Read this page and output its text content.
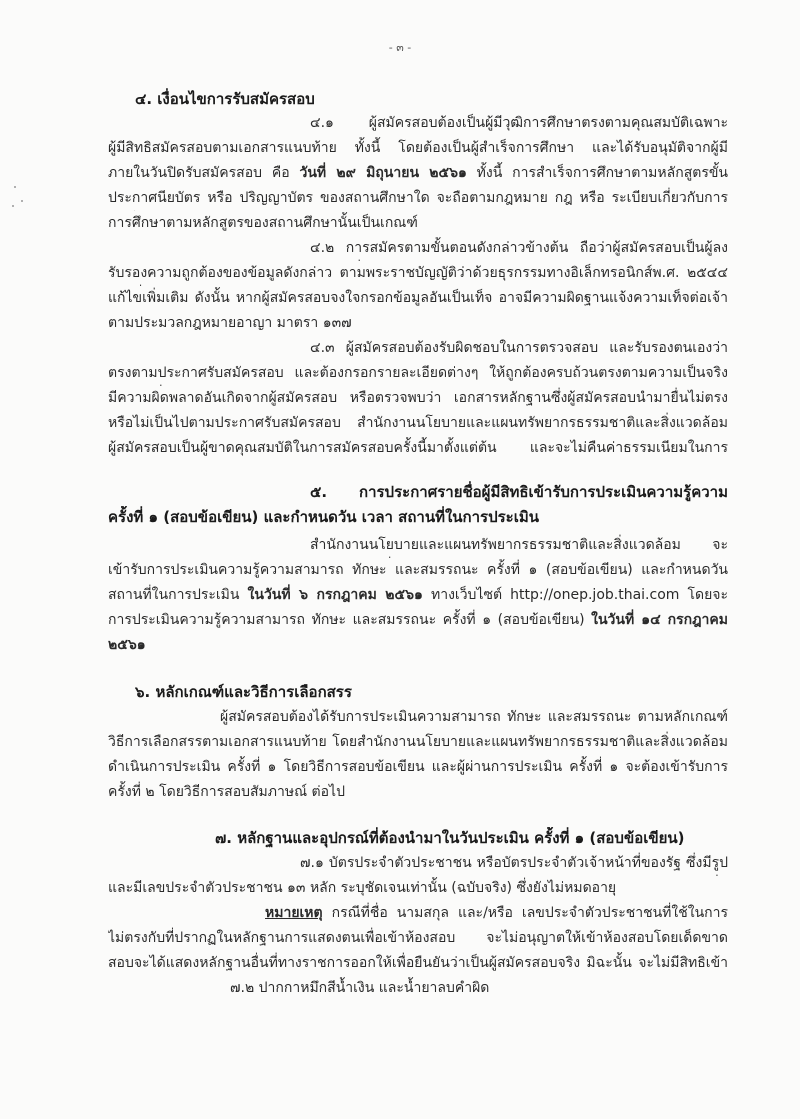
- ๓ -
๔. เงื่อนไขการรับสมัครสอบ
๔.๑ ผู้สมัครสอบต้องเป็นผู้มีวุฒิการศึกษาตรงตามคุณสมบัติเฉพาะ
ผู้มีสิทธิสมัครสอบตามเอกสารแนบท้าย ทั้งนี้ โดยต้องเป็นผู้สำเร็จการศึกษา และได้รับอนุมัติจากผู้มี
ภายในวันปิดรับสมัครสอบ คือ วันที่ ๒๙ มิถุนายน ๒๕๖๑ ทั้งนี้ การสำเร็จการศึกษาตามหลักสูตรขั้น
ประกาศนียบัตร หรือ ปริญญาบัตร ของสถานศึกษาใด จะถือตามกฎหมาย กฎ หรือ ระเบียบเกี่ยวกับการ
การศึกษาตามหลักสูตรของสถานศึกษานั้นเป็นเกณฑ์
๔.๒ การสมัครตามขั้นตอนดังกล่าวข้างต้น ถือว่าผู้สมัครสอบเป็นผู้ลง
รับรองความถูกต้องของข้อมูลดังกล่าว ตามพระราชบัญญัติว่าด้วยธุรกรรมทางอิเล็กทรอนิกส์พ.ศ. ๒๕๔๔
แก้ไขเพิ่มเติม ดังนั้น หากผู้สมัครสอบจงใจกรอกข้อมูลอันเป็นเท็จ อาจมีความผิดฐานแจ้งความเท็จต่อเจ้า
ตามประมวลกฎหมายอาญา มาตรา ๑๓๗
๔.๓ ผู้สมัครสอบต้องรับผิดชอบในการตรวจสอบ และรับรองตนเองว่า
ตรงตามประกาศรับสมัครสอบ และต้องกรอกรายละเอียดต่างๆ ให้ถูกต้องครบถ้วนตรงตามความเป็นจริง
มีความผิดพลาดอันเกิดจากผู้สมัครสอบ หรือตรวจพบว่า เอกสารหลักฐานซึ่งผู้สมัครสอบนำมายื่นไม่ตรง
หรือไม่เป็นไปตามประกาศรับสมัครสอบ สำนักงานนโยบายและแผนทรัพยากรธรรมชาติและสิ่งแวดล้อม
ผู้สมัครสอบเป็นผู้ขาดคุณสมบัติในการสมัครสอบครั้งนี้มาตั้งแต่ต้น และจะไม่คืนค่าธรรมเนียมในการ
๕. การประกาศรายชื่อผู้มีสิทธิเข้ารับการประเมินความรู้ความ
ครั้งที่ ๑ (สอบข้อเขียน) และกำหนดวัน เวลา สถานที่ในการประเมิน
สำนักงานนโยบายและแผนทรัพยากรธรรมชาติและสิ่งแวดล้อม จะ
เข้ารับการประเมินความรู้ความสามารถ ทักษะ และสมรรถนะ ครั้งที่ ๑ (สอบข้อเขียน) และกำหนดวัน
สถานที่ในการประเมิน ในวันที่ ๖ กรกฎาคม ๒๕๖๑ ทางเว็บไซต์ http://onep.job.thai.com โดยจะ
การประเมินความรู้ความสามารถ ทักษะ และสมรรถนะ ครั้งที่ ๑ (สอบข้อเขียน) ในวันที่ ๑๔ กรกฎาคม
๒๕๖๑
๖. หลักเกณฑ์และวิธีการเลือกสรร
ผู้สมัครสอบต้องได้รับการประเมินความสามารถ ทักษะ และสมรรถนะ ตามหลักเกณฑ์
วิธีการเลือกสรรตามเอกสารแนบท้าย โดยสำนักงานนโยบายและแผนทรัพยากรธรรมชาติและสิ่งแวดล้อม
ดำเนินการประเมิน ครั้งที่ ๑ โดยวิธีการสอบข้อเขียน และผู้ผ่านการประเมิน ครั้งที่ ๑ จะต้องเข้ารับการ
ครั้งที่ ๒ โดยวิธีการสอบสัมภาษณ์ ต่อไป
๗. หลักฐานและอุปกรณ์ที่ต้องนำมาในวันประเมิน ครั้งที่ ๑ (สอบข้อเขียน)
๗.๑ บัตรประจำตัวประชาชน หรือบัตรประจำตัวเจ้าหน้าที่ของรัฐ ซึ่งมีรูป
และมีเลขประจำตัวประชาชน ๑๓ หลัก ระบุชัดเจนเท่านั้น (ฉบับจริง) ซึ่งยังไม่หมดอายุ
หมายเหตุ กรณีที่ชื่อ นามสกุล และ/หรือ เลขประจำตัวประชาชนที่ใช้ในการ
ไม่ตรงกับที่ปรากฏในหลักฐานการแสดงตนเพื่อเข้าห้องสอบ จะไม่อนุญาตให้เข้าห้องสอบโดยเด็ดขาด
สอบจะได้แสดงหลักฐานอื่นที่ทางราชการออกให้เพื่อยืนยันว่าเป็นผู้สมัครสอบจริง มิฉะนั้น จะไม่มีสิทธิเข้า
๗.๒ ปากกาหมึกสีน้ำเงิน และน้ำยาลบคำผิด
